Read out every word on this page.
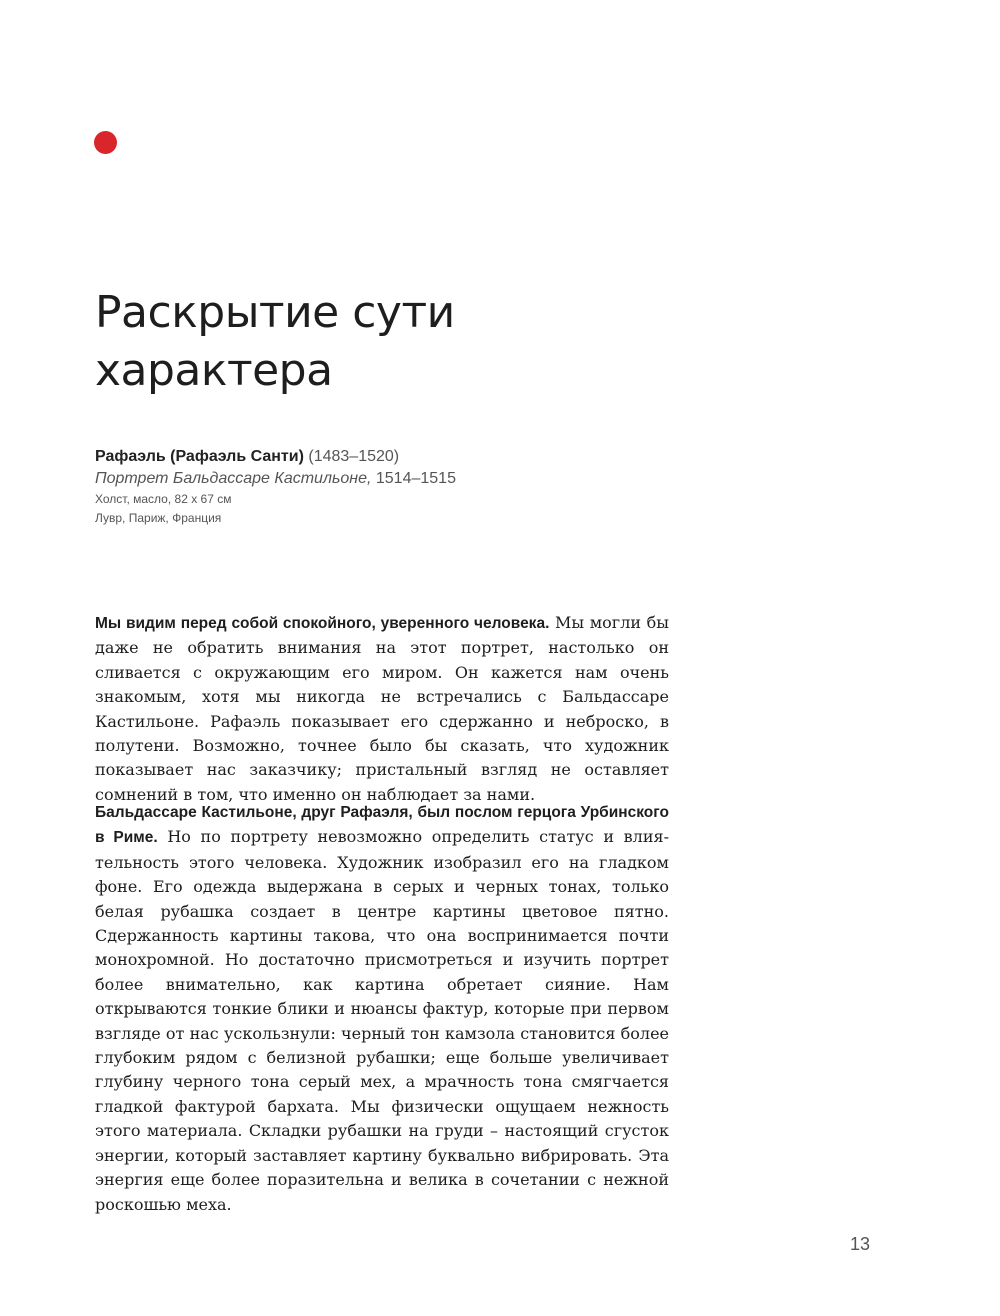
Раскрытие сути
характера
Рафаэль (Рафаэль Санти) (1483–1520)
Портрет Бальдассаре Кастильоне, 1514–1515
Холст, масло, 82 х 67 см
Лувр, Париж, Франция

Мы видим перед собой спокойного, уверенного человека. Мы могли бы даже не обратить внимания на этот портрет, настолько он сливается с окружающим его миром. Он кажется нам очень знакомым, хотя мы никогда не встречались с Бальдассаре Кастильоне. Рафаэль показывает его сдержанно и неброско, в полутени. Возможно, точнее было бы сказать, что художник показывает нас заказчику; пристальный взгляд не оставляет сомнений в том, что именно он наблюдает за нами.

Бальдассаре Кастильоне, друг Рафаэля, был послом герцога Урбинского в Риме. Но по портрету невозможно определить статус и влиятельность этого человека. Художник изобразил его на гладком фоне. Его одежда выдержана в серых и черных тонах, только белая рубашка создает в центре картины цветовое пятно. Сдержанность картины такова, что она воспринимается почти монохромной. Но достаточно присмотреться и изучить портрет более внимательно, как картина обретает сияние. Нам открываются тонкие блики и нюансы фактур, которые при первом взгляде от нас ускользнули: черный тон камзола становится более глубоким рядом с белизной рубашки; еще больше увеличивает глубину черного тона серый мех, а мрачность тона смягчается гладкой фактурой бархата. Мы физически ощущаем нежность этого материала. Складки рубашки на груди – настоящий сгусток энергии, который заставляет картину буквально вибрировать. Эта энергия еще более поразительна и велика в сочетании с нежной роскошью меха.

13
